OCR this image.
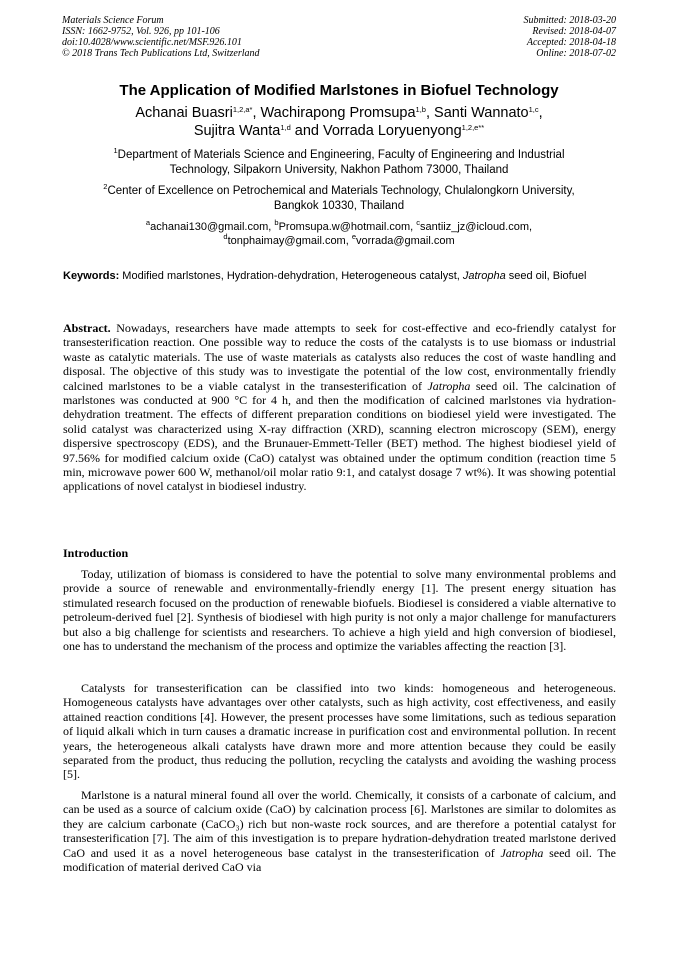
Materials Science Forum
ISSN: 1662-9752, Vol. 926, pp 101-106
doi:10.4028/www.scientific.net/MSF.926.101
© 2018 Trans Tech Publications Ltd, Switzerland
Submitted: 2018-03-20
Revised: 2018-04-07
Accepted: 2018-04-18
Online: 2018-07-02
The Application of Modified Marlstones in Biofuel Technology
Achanai Buasri$^{1,2,a*}$, Wachirapong Promsupa$^{1,b}$, Santi Wannato$^{1,c}$,
Sujitra Wanta$^{1,d}$ and Vorrada Loryuenyong$^{1,2,e**}$
$^1$Department of Materials Science and Engineering, Faculty of Engineering and Industrial
Technology, Silpakorn University, Nakhon Pathom 73000, Thailand
$^2$Center of Excellence on Petrochemical and Materials Technology, Chulalongkorn University,
Bangkok 10330, Thailand
$^a$achanai130@gmail.com, $^b$Promsupa.w@hotmail.com, $^c$santiiz_jz@icloud.com,
$^d$tonphaimay@gmail.com, $^e$vorrada@gmail.com
Keywords: Modified marlstones, Hydration-dehydration, Heterogeneous catalyst, Jatropha seed oil, Biofuel

Abstract. Nowadays, researchers have made attempts to seek for cost-effective and eco-friendly catalyst for transesterification reaction. One possible way to reduce the costs of the catalysts is to use biomass or industrial waste as catalytic materials. The use of waste materials as catalysts also reduces the cost of waste handling and disposal. The objective of this study was to investigate the potential of the low cost, environmentally friendly calcined marlstones to be a viable catalyst in the transesterification of Jatropha seed oil. The calcination of marlstones was conducted at 900 °C for 4 h, and then the modification of calcined marlstones via hydration-dehydration treatment. The effects of different preparation conditions on biodiesel yield were investigated. The solid catalyst was characterized using X-ray diffraction (XRD), scanning electron microscopy (SEM), energy dispersive spectroscopy (EDS), and the Brunauer-Emmett-Teller (BET) method. The highest biodiesel yield of 97.56% for modified calcium oxide (CaO) catalyst was obtained under the optimum condition (reaction time 5 min, microwave power 600 W, methanol/oil molar ratio 9:1, and catalyst dosage 7 wt%). It was showing potential applications of novel catalyst in biodiesel industry.

Introduction

Today, utilization of biomass is considered to have the potential to solve many environmental problems and provide a source of renewable and environmentally-friendly energy [1]. The present energy situation has stimulated research focused on the production of renewable biofuels. Biodiesel is considered a viable alternative to petroleum-derived fuel [2]. Synthesis of biodiesel with high purity is not only a major challenge for manufacturers but also a big challenge for scientists and researchers. To achieve a high yield and high conversion of biodiesel, one has to understand the mechanism of the process and optimize the variables affecting the reaction [3].

Catalysts for transesterification can be classified into two kinds: homogeneous and heterogeneous. Homogeneous catalysts have advantages over other catalysts, such as high activity, cost effectiveness, and easily attained reaction conditions [4]. However, the present processes have some limitations, such as tedious separation of liquid alkali which in turn causes a dramatic increase in purification cost and environmental pollution. In recent years, the heterogeneous alkali catalysts have drawn more and more attention because they could be easily separated from the product, thus reducing the pollution, recycling the catalysts and avoiding the washing process [5].

Marlstone is a natural mineral found all over the world. Chemically, it consists of a carbonate of calcium, and can be used as a source of calcium oxide (CaO) by calcination process [6]. Marlstones are similar to dolomites as they are calcium carbonate (CaCO₃) rich but non-waste rock sources, and are therefore a potential catalyst for transesterification [7]. The aim of this investigation is to prepare hydration-dehydration treated marlstone derived CaO and used it as a novel heterogeneous base catalyst in the transesterification of Jatropha seed oil. The modification of material derived CaO via
